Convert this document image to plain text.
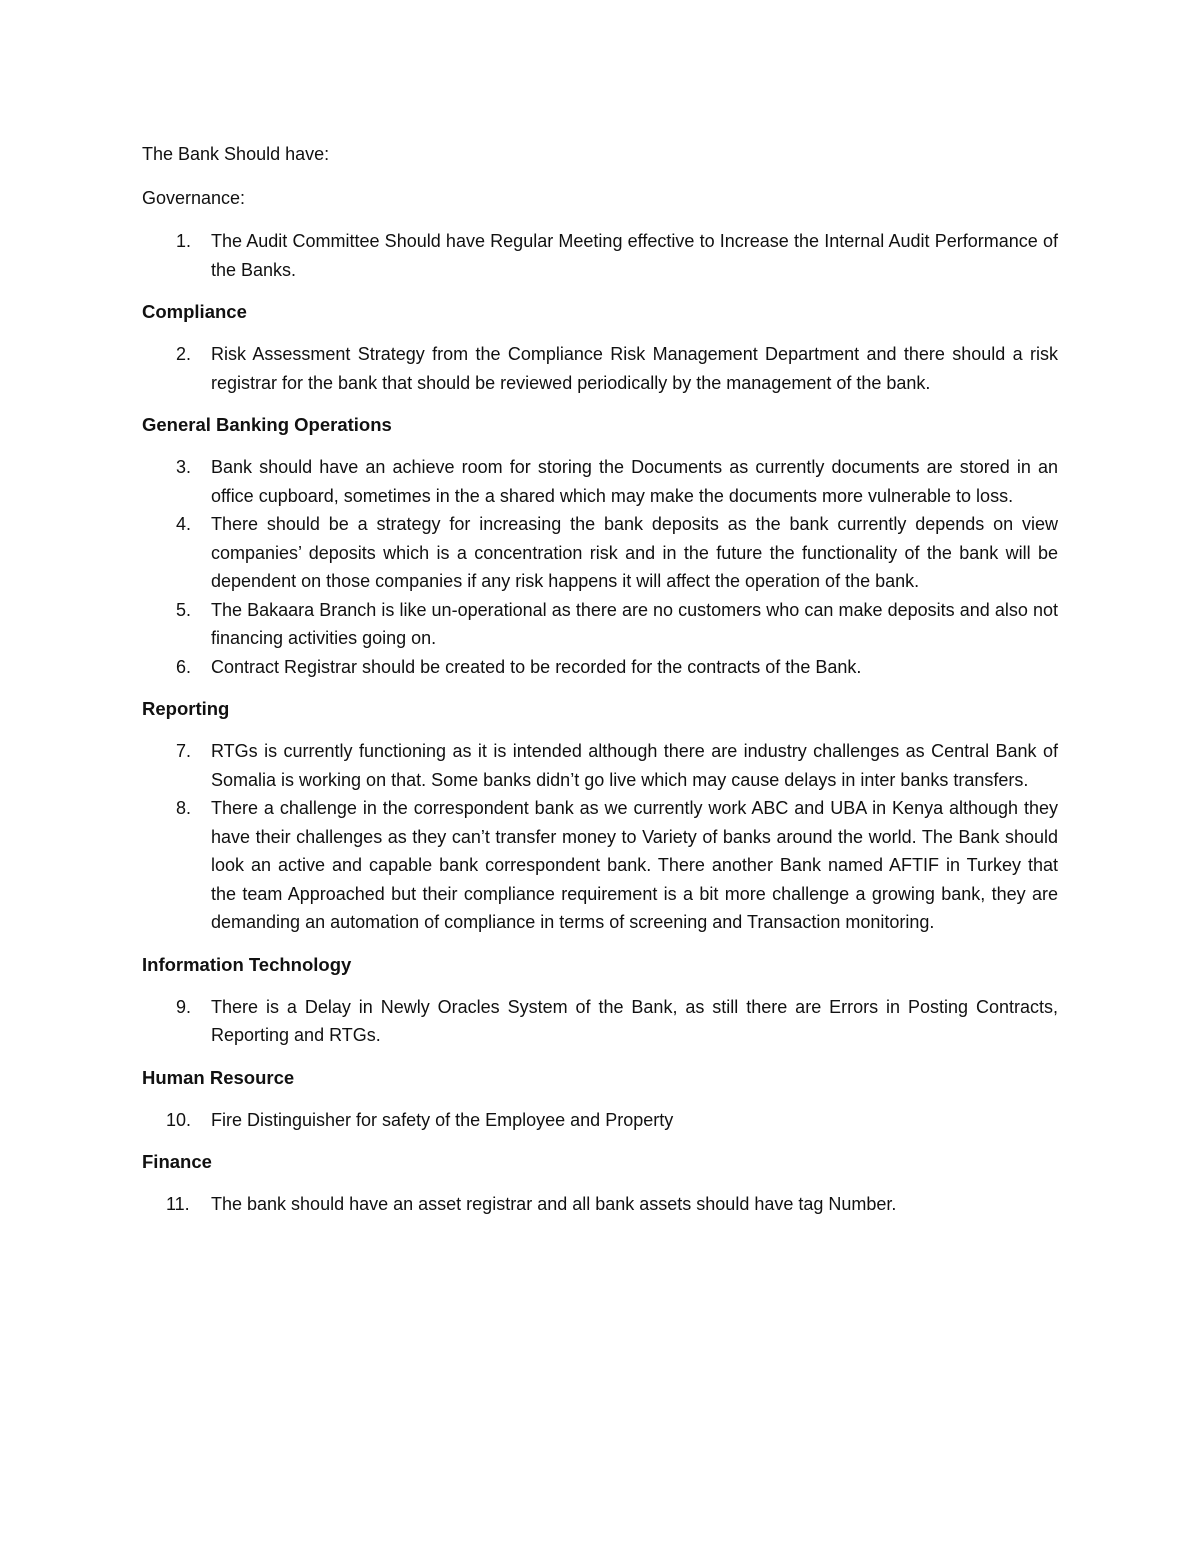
The Bank Should have:

Governance:

1.	The Audit Committee Should have Regular Meeting effective to Increase the Internal Audit Performance of the Banks.
Compliance
2.	Risk Assessment Strategy from the Compliance Risk Management Department and there should a risk registrar for the bank that should be reviewed periodically by the management of the bank.
General Banking Operations
3.	Bank should have an achieve room for storing the Documents as currently documents are stored in an office cupboard, sometimes in the a shared which may make the documents more vulnerable to loss.
4.	There should be a strategy for increasing the bank deposits as the bank currently depends on view companies’ deposits which is a concentration risk and in the future the functionality of the bank will be dependent on those companies if any risk happens it will affect the operation of the bank.
5.	The Bakaara Branch is like un-operational as there are no customers who can make deposits and also not financing activities going on.
6.	Contract Registrar should be created to be recorded for the contracts of the Bank.
Reporting
7.	RTGs is currently functioning as it is intended although there are industry challenges as Central Bank of Somalia is working on that. Some banks didn’t go live which may cause delays in inter banks transfers.
8.	There a challenge in the correspondent bank as we currently work ABC and UBA in Kenya although they have their challenges as they can’t transfer money to Variety of banks around the world. The Bank should look an active and capable bank correspondent bank. There another Bank named AFTIF in Turkey that the team Approached but their compliance requirement is a bit more challenge a growing bank, they are demanding an automation of compliance in terms of screening and Transaction monitoring.
Information Technology
9.	There is a Delay in Newly Oracles System of the Bank, as still there are Errors in Posting Contracts, Reporting and RTGs.
Human Resource
10.	Fire Distinguisher for safety of the Employee and Property
Finance
11.	The bank should have an asset registrar and all bank assets should have tag Number.
